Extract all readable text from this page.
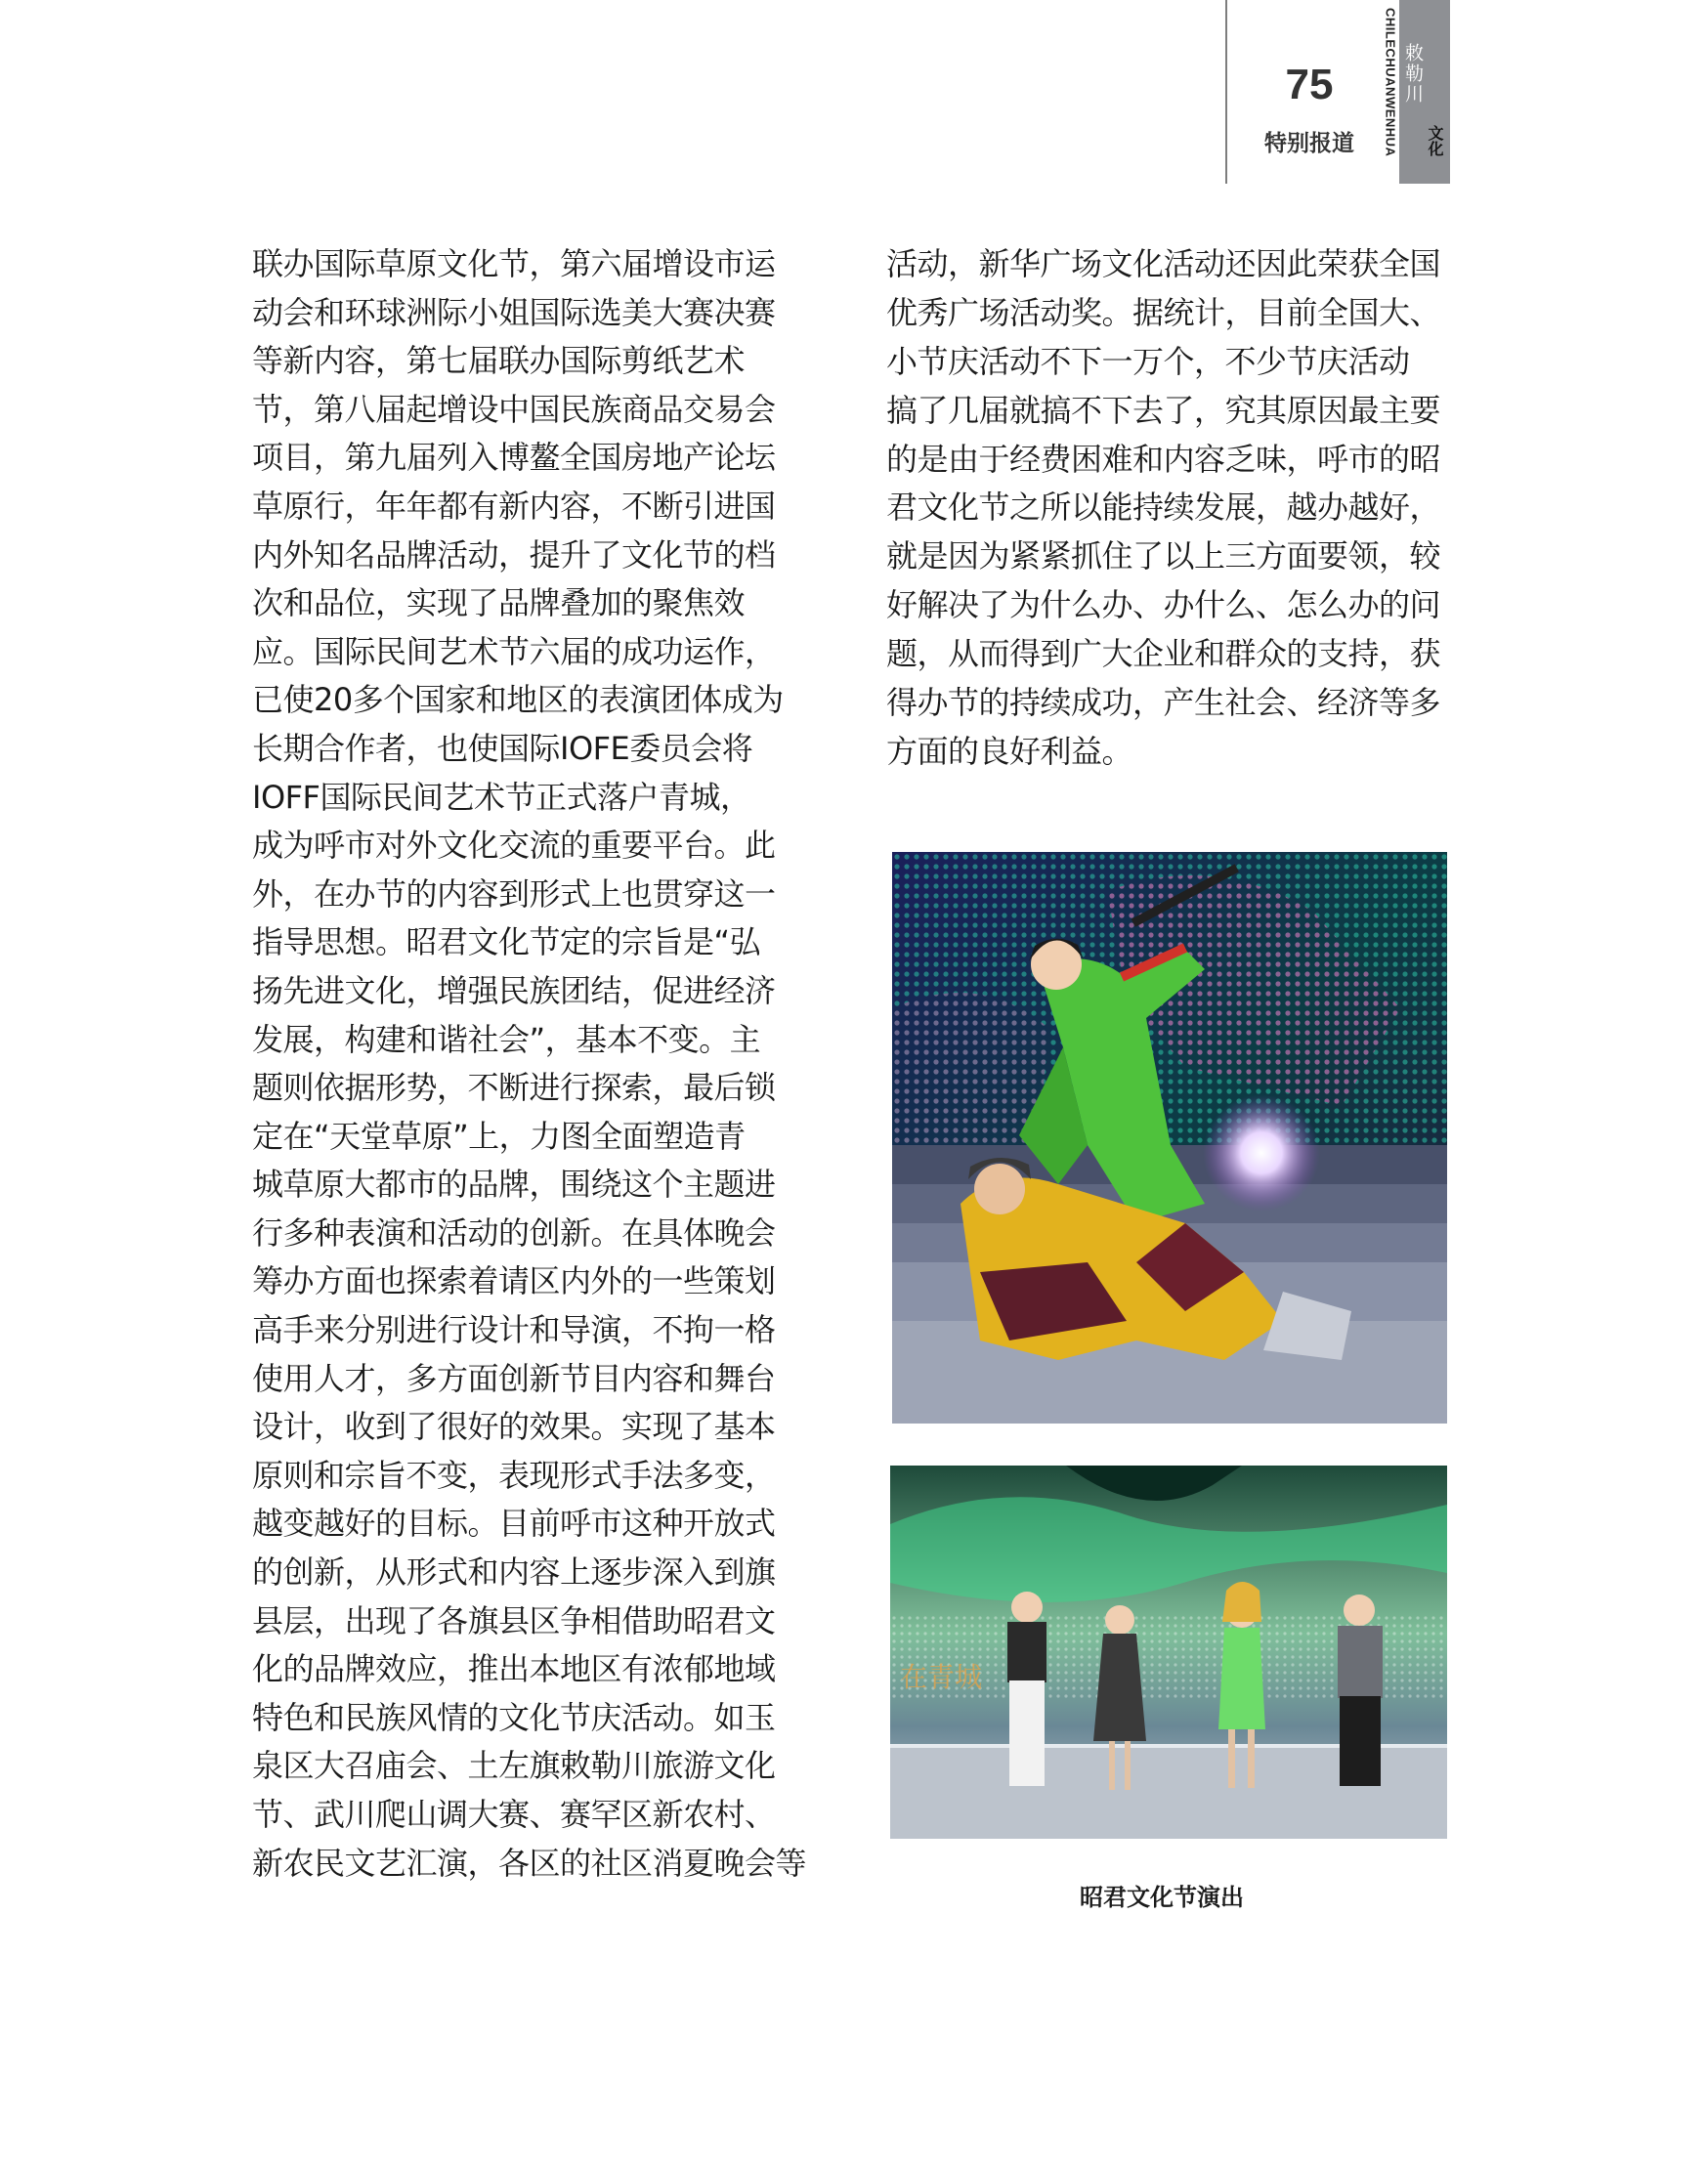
75
特别报道	CHILECHUANWENHUA 敕勒川
文化
联办国际草原文化节，第六届增设市运
动会和环球洲际小姐国际选美大赛决赛
等新内容，第七届联办国际剪纸艺术
节，第八届起增设中国民族商品交易会
项目，第九届列入博鳌全国房地产论坛
草原行，年年都有新内容，不断引进国
内外知名品牌活动，提升了文化节的档
次和品位，实现了品牌叠加的聚焦效
应。国际民间艺术节六届的成功运作，
已使20多个国家和地区的表演团体成为
长期合作者，也使国际IOFE委员会将
IOFF国际民间艺术节正式落户青城，
成为呼市对外文化交流的重要平台。此
外，在办节的内容到形式上也贯穿这一
指导思想。昭君文化节定的宗旨是“弘
扬先进文化，增强民族团结，促进经济
发展，构建和谐社会”，基本不变。主
题则依据形势，不断进行探索，最后锁
定在“天堂草原”上，力图全面塑造青
城草原大都市的品牌，围绕这个主题进
行多种表演和活动的创新。在具体晚会
筹办方面也探索着请区内外的一些策划
高手来分别进行设计和导演，不拘一格
使用人才，多方面创新节目内容和舞台
设计，收到了很好的效果。实现了基本
原则和宗旨不变，表现形式手法多变，
越变越好的目标。目前呼市这种开放式
的创新，从形式和内容上逐步深入到旗
县层，出现了各旗县区争相借助昭君文
化的品牌效应，推出本地区有浓郁地域
特色和民族风情的文化节庆活动。如玉
泉区大召庙会、土左旗敕勒川旅游文化
节、武川爬山调大赛、赛罕区新农村、
新农民文艺汇演，各区的社区消夏晚会等
活动，新华广场文化活动还因此荣获全国
优秀广场活动奖。据统计，目前全国大、
小节庆活动不下一万个，不少节庆活动
搞了几届就搞不下去了，究其原因最主要
的是由于经费困难和内容乏味，呼市的昭
君文化节之所以能持续发展，越办越好，
就是因为紧紧抓住了以上三方面要领，较
好解决了为什么办、办什么、怎么办的问
题，从而得到广大企业和群众的支持，获
得办节的持续成功，产生社会、经济等多
方面的良好利益。
在青城
昭君文化节演出
